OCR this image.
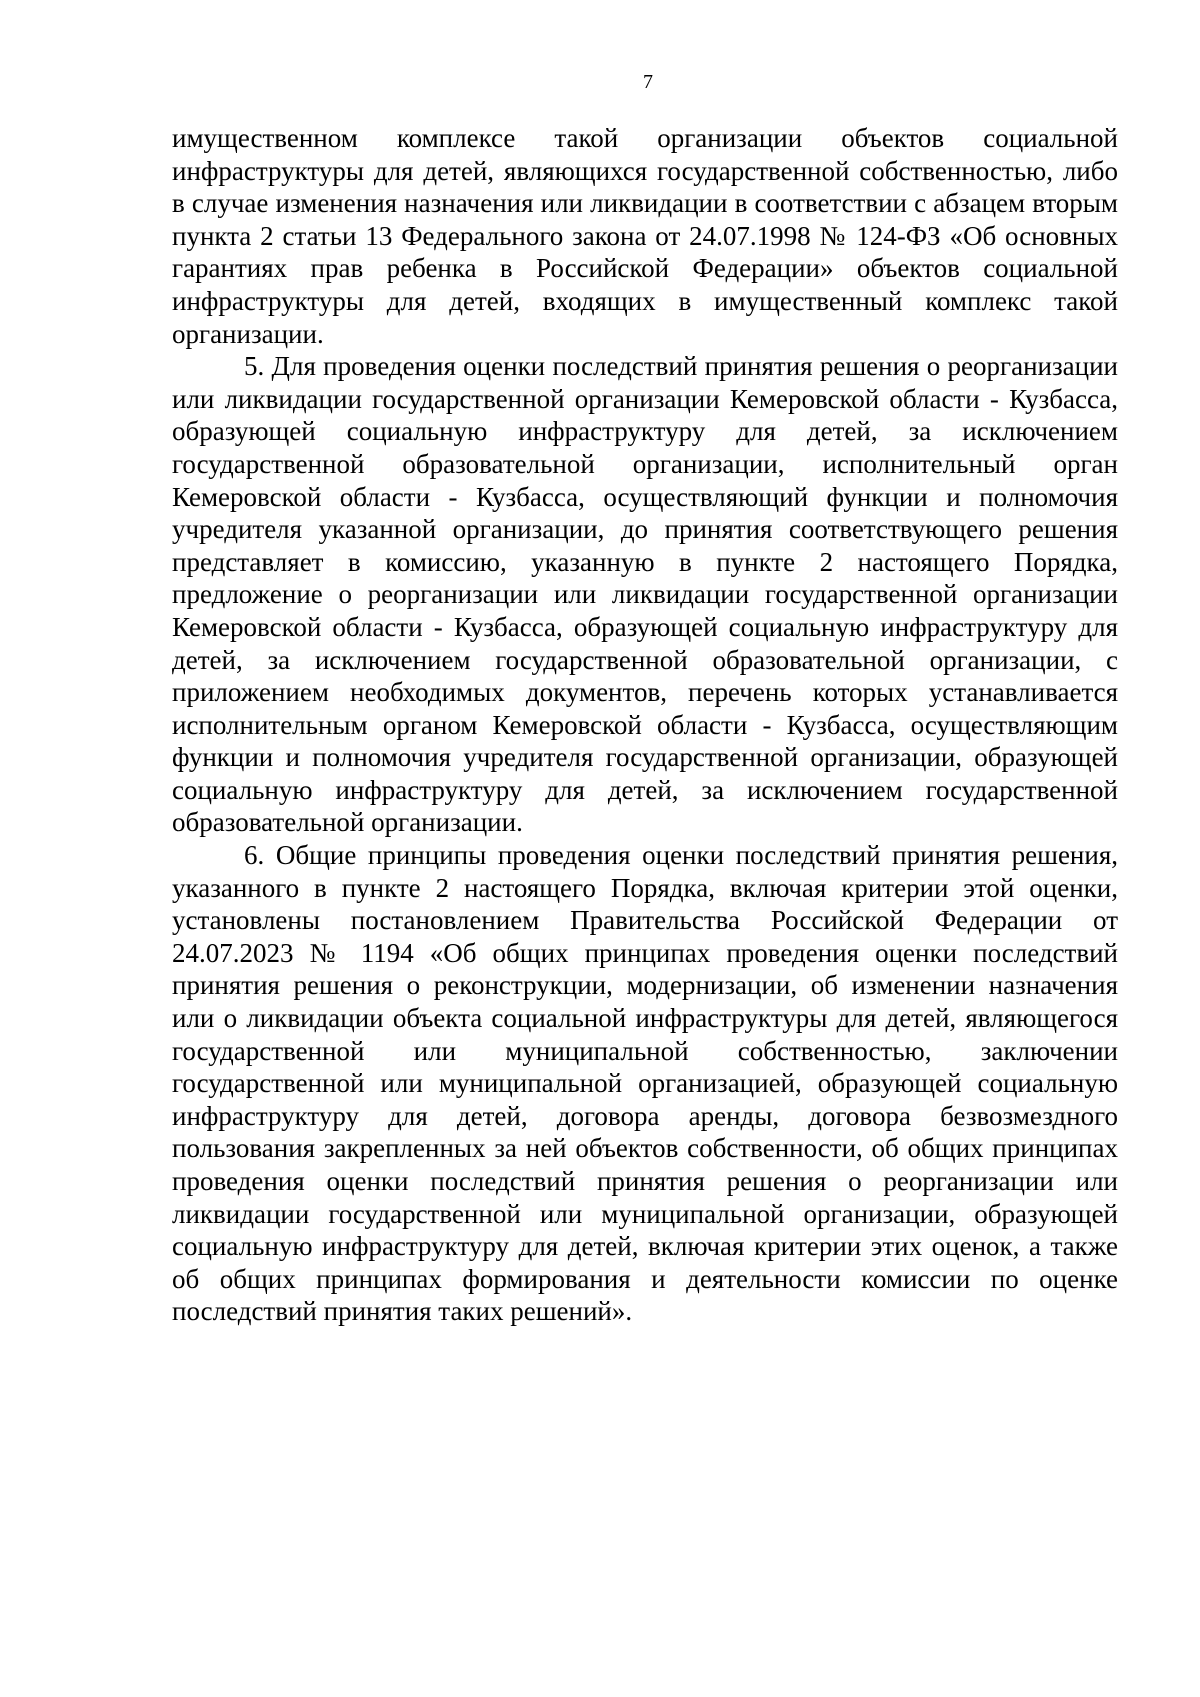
7

имущественном комплексе такой организации объектов социальной инфраструктуры для детей, являющихся государственной собственностью, либо в случае изменения назначения или ликвидации в соответствии с абзацем вторым пункта 2 статьи 13 Федерального закона от 24.07.1998 № 124-ФЗ «Об основных гарантиях прав ребенка в Российской Федерации» объектов социальной инфраструктуры для детей, входящих в имущественный комплекс такой организации.

5. Для проведения оценки последствий принятия решения о реорганизации или ликвидации государственной организации Кемеровской области - Кузбасса, образующей социальную инфраструктуру для детей, за исключением государственной образовательной организации, исполнительный орган Кемеровской области - Кузбасса, осуществляющий функции и полномочия учредителя указанной организации, до принятия соответствующего решения представляет в комиссию, указанную в пункте 2 настоящего Порядка, предложение о реорганизации или ликвидации государственной организации Кемеровской области - Кузбасса, образующей социальную инфраструктуру для детей, за исключением государственной образовательной организации, с приложением необходимых документов, перечень которых устанавливается исполнительным органом Кемеровской области - Кузбасса, осуществляющим функции и полномочия учредителя государственной организации, образующей социальную инфраструктуру для детей, за исключением государственной образовательной организации.

6. Общие принципы проведения оценки последствий принятия решения, указанного в пункте 2 настоящего Порядка, включая критерии этой оценки, установлены постановлением Правительства Российской Федерации от 24.07.2023 № 1194 «Об общих принципах проведения оценки последствий принятия решения о реконструкции, модернизации, об изменении назначения или о ликвидации объекта социальной инфраструктуры для детей, являющегося государственной или муниципальной собственностью, заключении государственной или муниципальной организацией, образующей социальную инфраструктуру для детей, договора аренды, договора безвозмездного пользования закрепленных за ней объектов собственности, об общих принципах проведения оценки последствий принятия решения о реорганизации или ликвидации государственной или муниципальной организации, образующей социальную инфраструктуру для детей, включая критерии этих оценок, а также об общих принципах формирования и деятельности комиссии по оценке последствий принятия таких решений».
